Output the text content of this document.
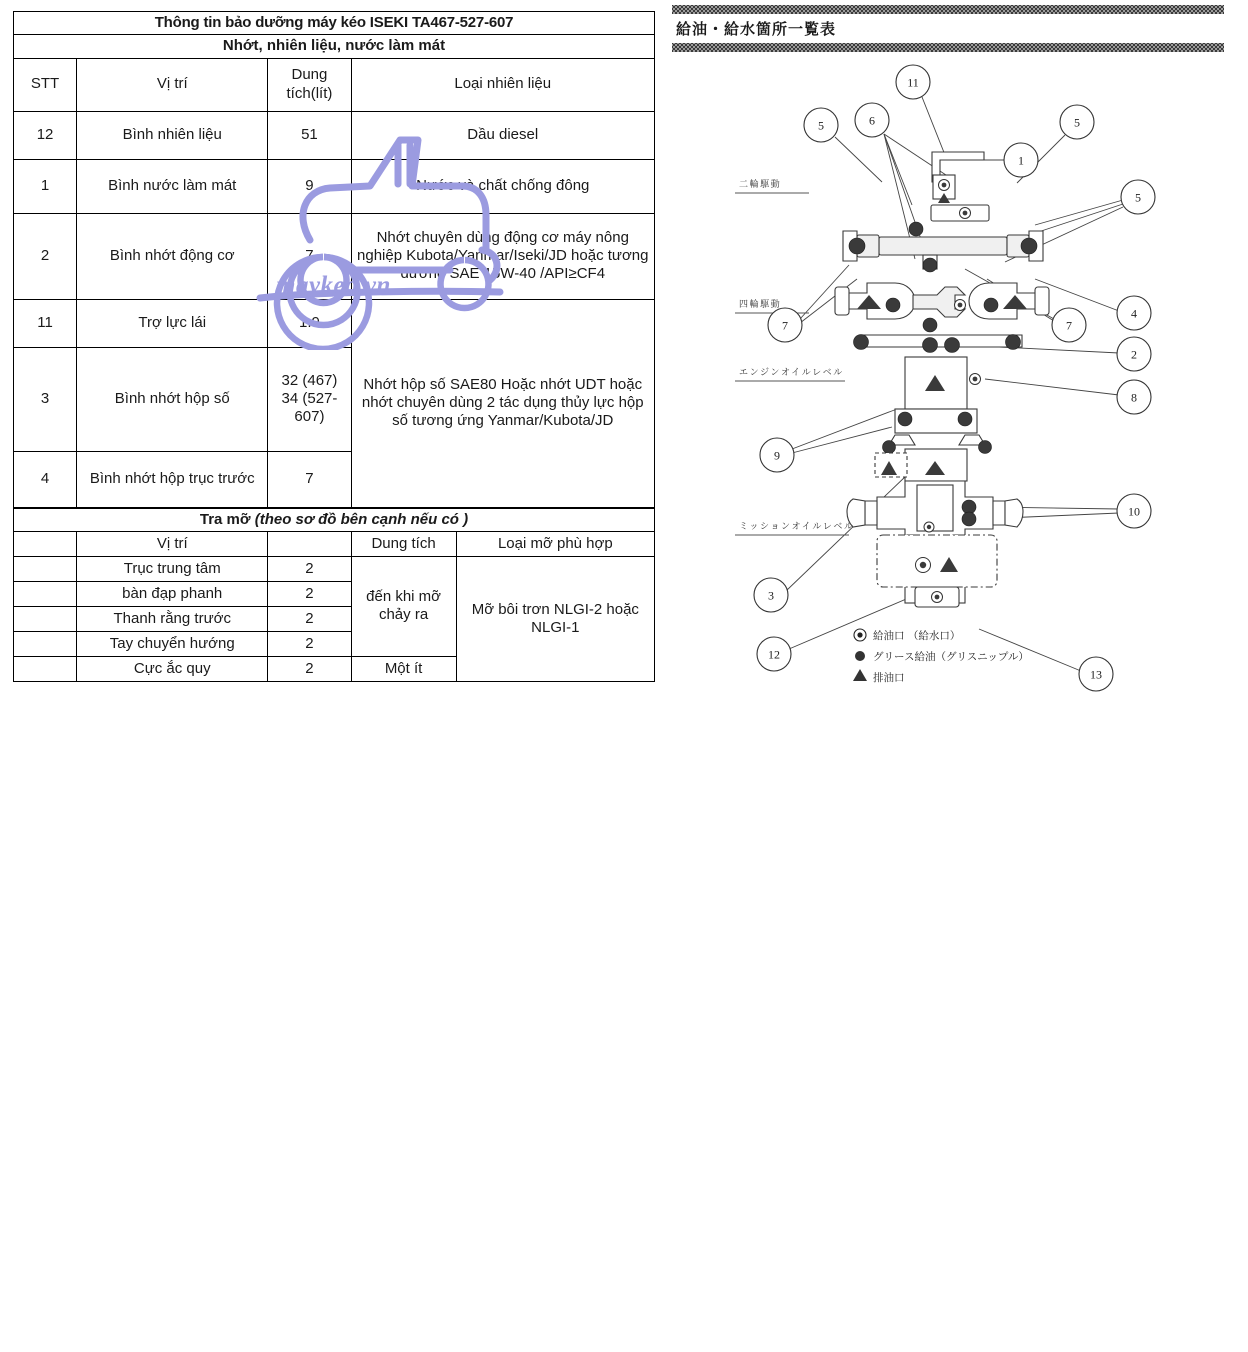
Thông tin bảo dưỡng máy kéo ISEKI TA467-527-607			
Nhớt, nhiên liệu, nước làm mát			
STT	Vị trí	Dung tích(lít)	Loại nhiên liệu
12	Bình nhiên liệu	51	Dầu diesel
1	Bình nước làm mát	9	Nước và chất chống đông
2	Bình nhớt động cơ	7	Nhớt chuyên dùng động cơ máy nông nghiệp Kubota/Yanmar/Iseki/JD hoặc tương đương SAE 15W-40 /API≥CF4
11	Trợ lực lái	1.9	Nhớt hộp số SAE80 Hoặc nhớt UDT hoặc nhớt chuyên dùng 2 tác dụng thủy lực hộp số tương ứng Yanmar/Kubota/JD
3	Bình nhớt hộp số	32 (467)
34 (527-
607)	
4	Bình nhớt hộp trục trước	7	
Tra mỡ (theo sơ đồ bên cạnh nếu có )				
	Vị trí		Dung tích	Loại mỡ phù hợp
	Trục trung tâm	2	đến khi mỡ chảy ra	Mỡ bôi trơn NLGI-2 hoặc NLGI-1
	bàn đạp phanh	2		
	Thanh rằng trước	2		
	Tay chuyển hướng	2		
	Cực ắc quy	2	Một ít	
maykeo.vn
給油・給水箇所一覧表
二輪駆動
四輪駆動
エンジンオイルレベル
ミッションオイルレベル
給油口 （給水口）
グリース給油（グリスニップル）
排油口
11
5	6	5
1
5
7	7
4
2
8
9
10
3
12
13
